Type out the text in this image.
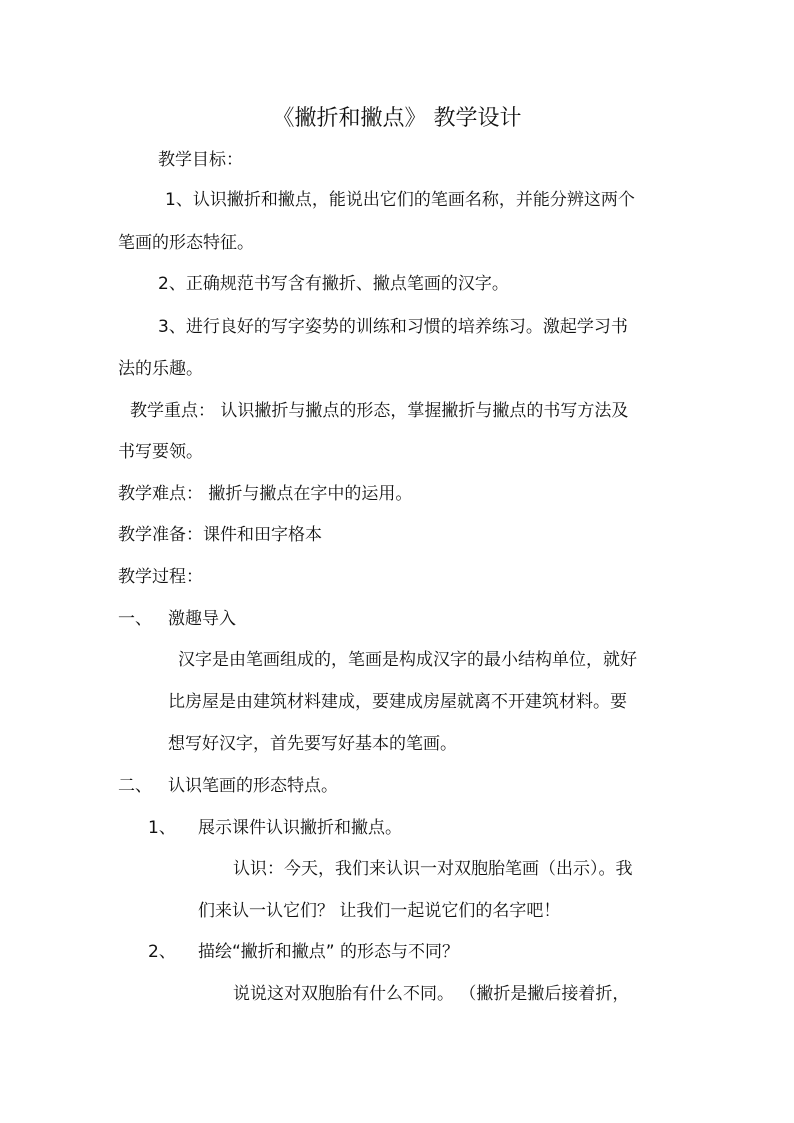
《撇折和撇点》 教学设计
教学目标：
1、认识撇折和撇点，能说出它们的笔画名称，并能分辨这两个
笔画的形态特征。
2、正确规范书写含有撇折、撇点笔画的汉字。
3、进行良好的写字姿势的训练和习惯的培养练习。激起学习书
法的乐趣。
教学重点： 认识撇折与撇点的形态，掌握撇折与撇点的书写方法及
书写要领。
教学难点： 撇折与撇点在字中的运用。
教学准备：课件和田字格本
教学过程：
一、 激趣导入
汉字是由笔画组成的，笔画是构成汉字的最小结构单位，就好
比房屋是由建筑材料建成，要建成房屋就离不开建筑材料。要
想写好汉字，首先要写好基本的笔画。
二、 认识笔画的形态特点。
1、 展示课件认识撇折和撇点。
认识：今天，我们来认识一对双胞胎笔画（出示）。我
们来认一认它们？ 让我们一起说它们的名字吧！
2、 描绘“撇折和撇点” 的形态与不同？
说说这对双胞胎有什么不同。 （撇折是撇后接着折，
